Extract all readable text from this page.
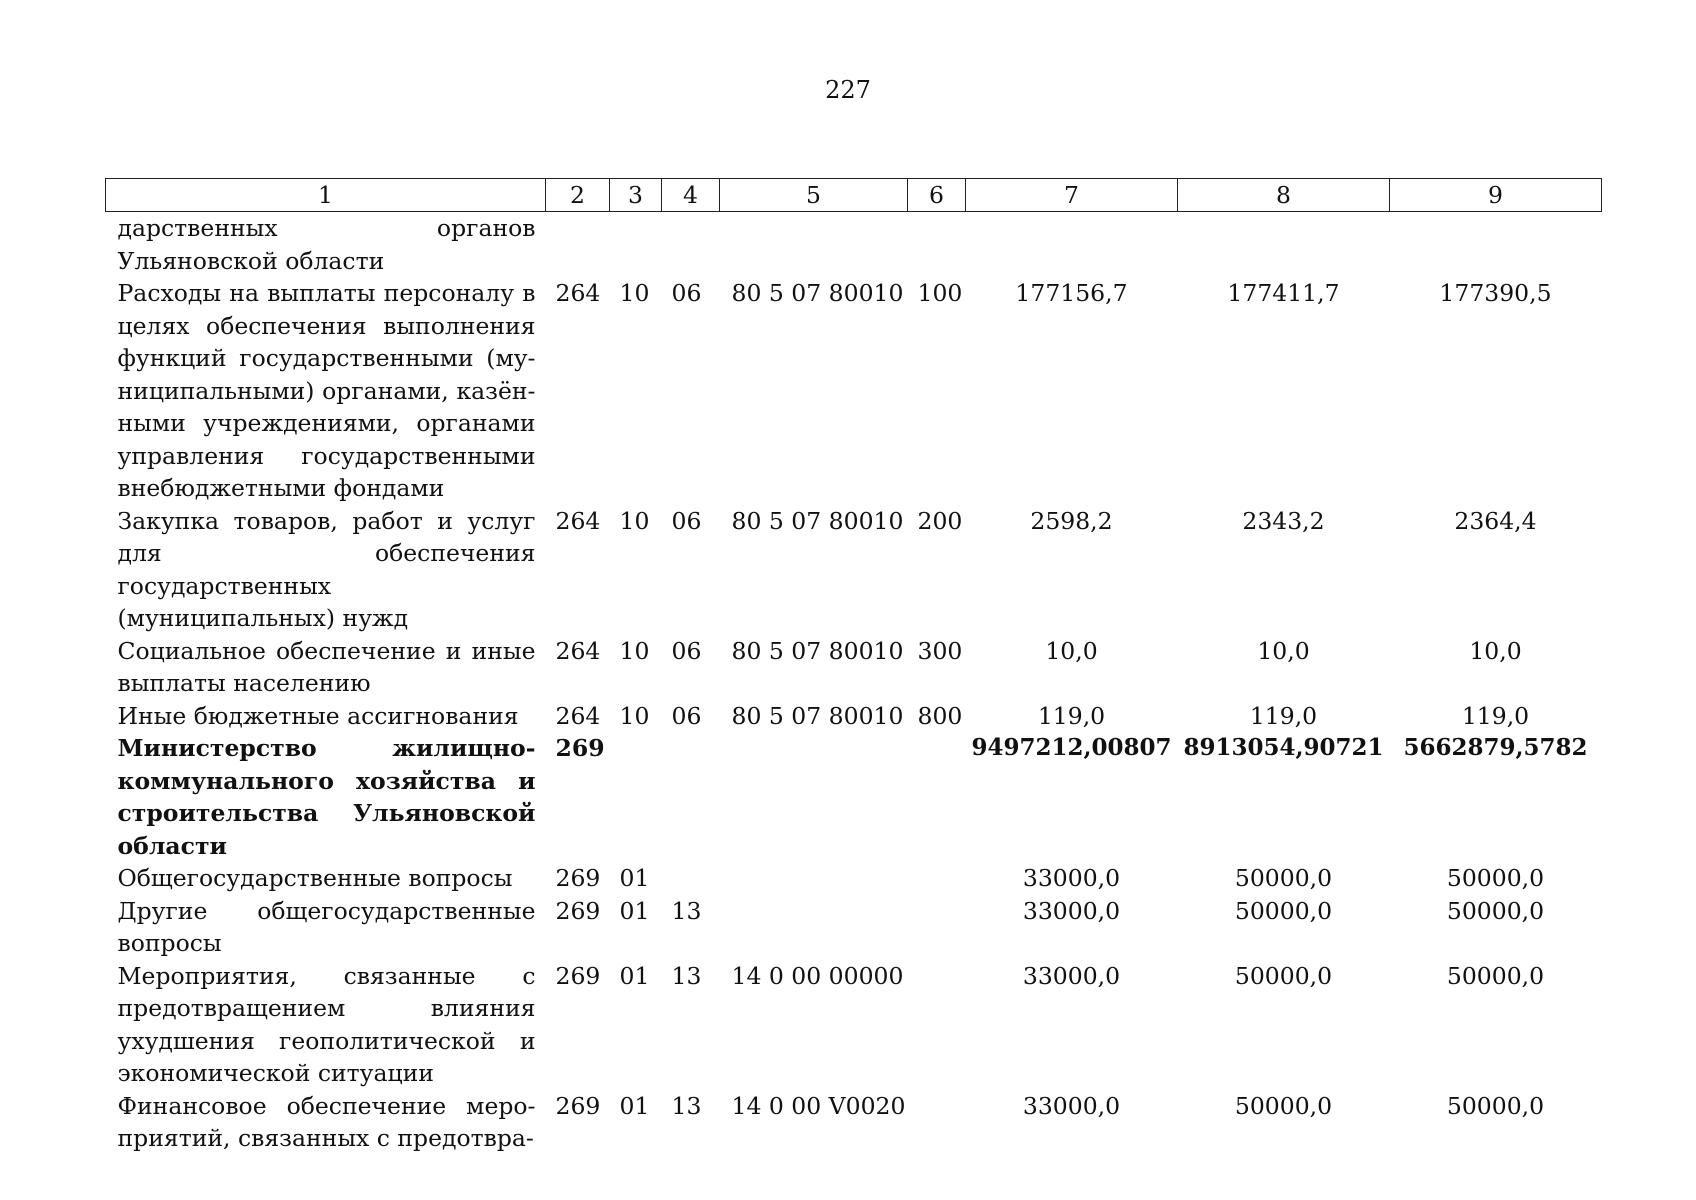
227
1	2	3	4	5	6	7	8	9
дарственных органов Ульяновской области								
Расходы на выплаты персоналу в целях обеспечения выполнения функций государственными (муниципальными) органами, казёнными учреждениями, органами управления государственными внебюджетными фондами	264	10	06	80 5 07 80010	100	177156,7	177411,7	177390,5
Закупка товаров, работ и услуг для обеспечения государственных (муниципальных) нужд	264	10	06	80 5 07 80010	200	2598,2	2343,2	2364,4
Социальное обеспечение и иные выплаты населению	264	10	06	80 5 07 80010	300	10,0	10,0	10,0
Иные бюджетные ассигнования	264	10	06	80 5 07 80010	800	119,0	119,0	119,0
Министерство жилищно-коммунального хозяйства и строительства Ульяновской области	269					9497212,00807	8913054,90721	5662879,5782
Общегосударственные вопросы	269	01				33000,0	50000,0	50000,0
Другие общегосударственные вопросы	269	01	13			33000,0	50000,0	50000,0
Мероприятия, связанные с предотвращением влияния ухудшения геополитической и экономической ситуации	269	01	13	14 0 00 00000		33000,0	50000,0	50000,0
Финансовое обеспечение мероприятий, связанных с предотвра-	269	01	13	14 0 00 V0020		33000,0	50000,0	50000,0
